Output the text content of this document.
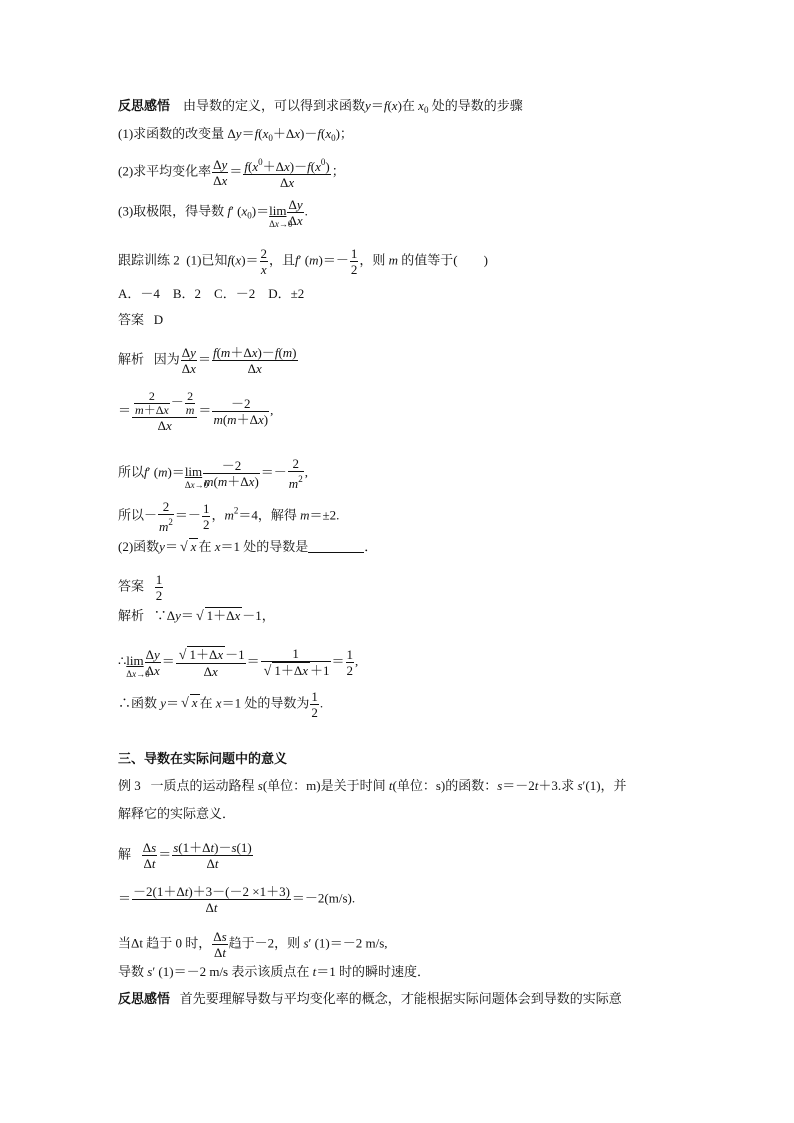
反思感悟 由导数的定义，可以得到求函数y＝f(x)在 $x_0$ 处的导数的步骤
(1)求函数的改变量 $\Delta y=f(x_0+\Delta x)-f(x_0)$；
(2)求平均变化率 $\frac{\Delta y}{\Delta x} = \frac{f(x^0+\Delta x)-f(x^0)}{\Delta x}$ ；
(3)取极限，得导数 f′ $(x_0)=\lim$
Δx→0
$\frac{\Delta y}{\Delta x}$ .
跟踪训练 2 (1)已知$f(x)= \frac{2}{x}$ ，且f′ $(m)=- \frac{1}{2}$ ，则 m 的值等于( )
A．－4　B．2　C．－2　D．±2
答案 D
解析 因为 $\frac{\Delta y}{\Delta x} = \frac{f(m+\Delta x)-f(m)}{\Delta x}$
＝ $\frac{\frac{2}{m+\Delta x} - \frac{2}{m}}{\Delta x} = \frac{-2}{m(m+\Delta x)}$ ,
所以f′ (m)＝lim
Δx→0
$\frac{-2}{m(m+\Delta x)} =- \frac{2}{m^2}$ ,
所以－ $\frac{2}{m^2} =- \frac{1}{2}$ ，$m^2=4$，解得 m＝±2.
(2)函数y＝ √ x 在 x＝1 处的导数是	．
答案 $\frac{1}{2}$
解析   ∵Δy＝ √ 1＋Δx －1，
∴lim
Δx→0
$\frac{\Delta y}{\Delta x} = \frac{√ 1+\Delta x -1}{\Delta x} = \frac{1}{√ 1+\Delta x +1} = \frac{1}{2}$ ,
∴函数 y＝ √ x 在 x＝1 处的导数为 $\frac{1}{2}$ .
三、导数在实际问题中的意义
例 3 一质点的运动路程 s(单位：m)是关于时间 t(单位：s)的函数：s＝－2t＋3.求 s′(1)，并
解释它的实际意义．
解 $\frac{\Delta s}{\Delta t} = \frac{s(1+\Delta t)-s(1)}{\Delta t}$
＝ $\frac{-2(1+\Delta t)+3-(-2 \times 1+3)}{\Delta t} =-2(m/s)$.
当Δt 趋于 0 时， $\frac{\Delta s}{\Delta t}$ 趋于－2，则 s′ (1)＝－2 m/s,
导数 s′ (1)＝－2 m/s 表示该质点在 t＝1 时的瞬时速度．
反思感悟 首先要理解导数与平均变化率的概念，才能根据实际问题体会到导数的实际意
